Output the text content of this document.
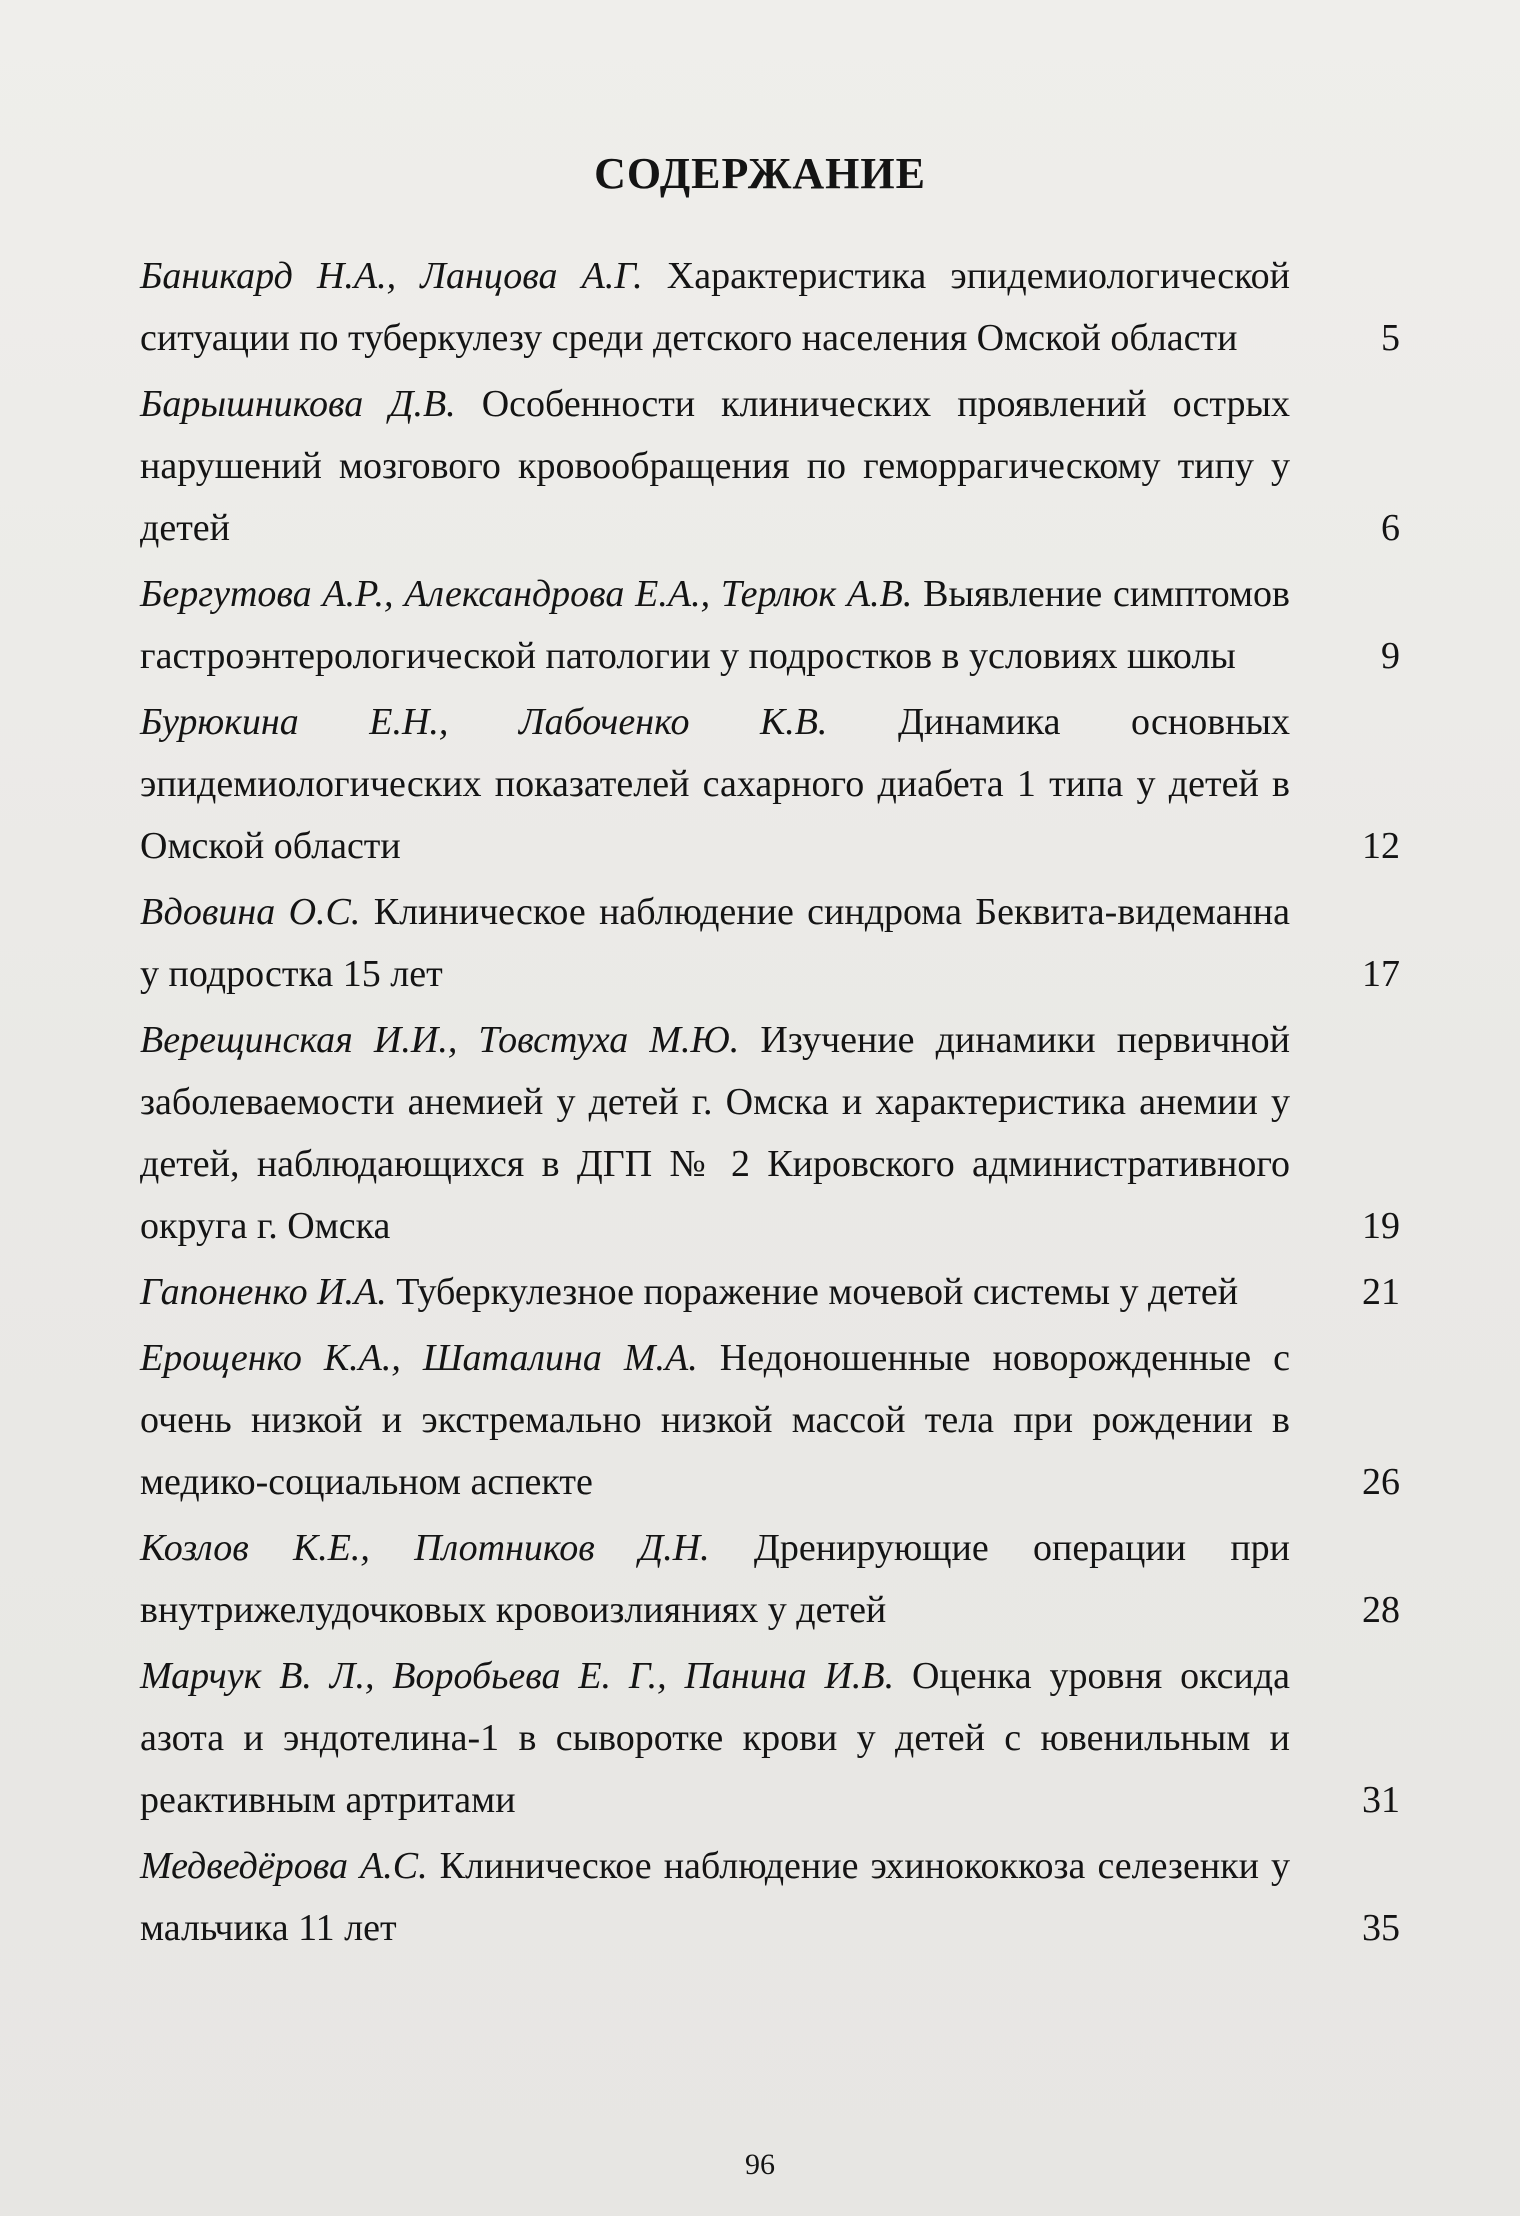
СОДЕРЖАНИЕ
Баникард Н.А., Ланцова А.Г. Характеристика эпидемиологической ситуации по туберкулезу среди детского населения Омской области	5
Барышникова Д.В. Особенности клинических проявлений острых нарушений мозгового кровообращения по геморрагическому типу у детей	6
Бергутова А.Р., Александрова Е.А., Терлюк А.В. Выявление симптомов гастроэнтерологической патологии у подростков в условиях школы	9
Бурюкина Е.Н., Лабоченко К.В. Динамика основных эпидемиологических показателей сахарного диабета 1 типа у детей в Омской области	12
Вдовина О.С. Клиническое наблюдение синдрома Беквита-видеманна у подростка 15 лет	17
Верещинская И.И., Товстуха М.Ю. Изучение динамики первичной заболеваемости анемией у детей г. Омска и характеристика анемии у детей, наблюдающихся в ДГП № 2 Кировского административного округа г. Омска	19
Гапоненко И.А. Туберкулезное поражение мочевой системы у детей	21
Ерощенко К.А., Шаталина М.А. Недоношенные новорожденные с очень низкой и экстремально низкой массой тела при рождении в медико-социальном аспекте	26
Козлов К.Е., Плотников Д.Н. Дренирующие операции при внутрижелудочковых кровоизлияниях у детей	28
Марчук В. Л., Воробьева Е. Г., Панина И.В. Оценка уровня оксида азота и эндотелина-1 в сыворотке крови у детей с ювенильным и реактивным артритами	31
Медведёрова А.С. Клиническое наблюдение эхинококкоза селезенки у мальчика 11 лет	35
96
